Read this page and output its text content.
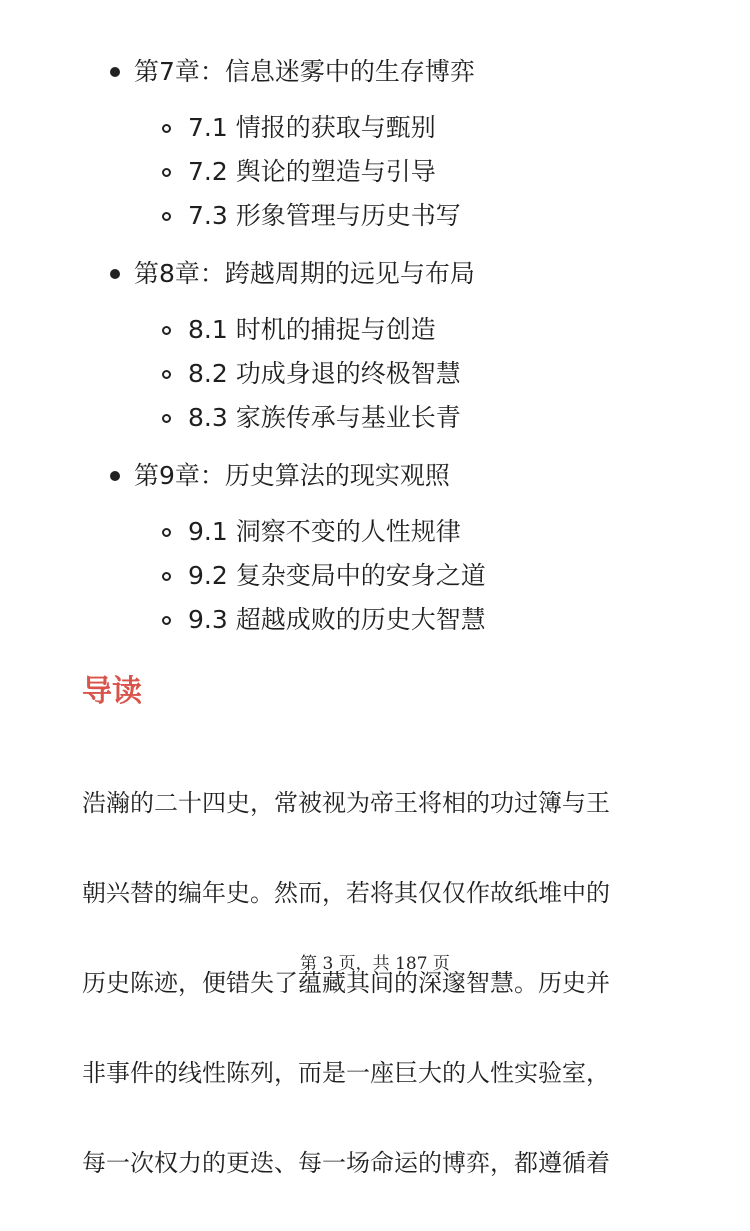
第7章：信息迷雾中的生存博弈
7.1 情报的获取与甄别
7.2 舆论的塑造与引导
7.3 形象管理与历史书写
第8章：跨越周期的远见与布局
8.1 时机的捕捉与创造
8.2 功成身退的终极智慧
8.3 家族传承与基业长青
第9章：历史算法的现实观照
9.1 洞察不变的人性规律
9.2 复杂变局中的安身之道
9.3 超越成败的历史大智慧
导读

浩瀚的二十四史，常被视为帝王将相的功过簿与王

朝兴替的编年史。然而，若将其仅仅作故纸堆中的

历史陈迹，便错失了蕴藏其间的深邃智慧。历史并

非事件的线性陈列，而是一座巨大的人性实验室，

每一次权力的更迭、每一场命运的博弈，都遵循着

第 3 页，共 187 页
